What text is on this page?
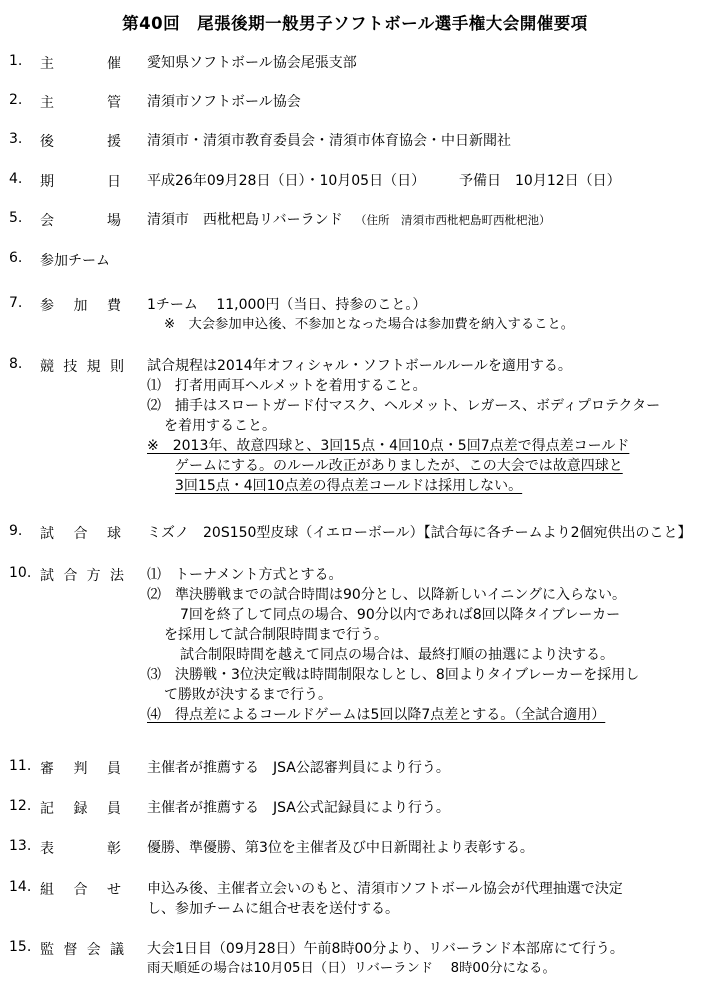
第40回　尾張後期一般男子ソフトボール選手権大会開催要項
1. 主	催 愛知県ソフトボール協会尾張支部
2. 主	管 清須市ソフトボール協会
3. 後	援 清須市・清須市教育委員会・清須市体育協会・中日新聞社
4. 期	日 平成26年09月28日（日）・10月05日（日） 予備日　10月12日（日）
5. 会	場 清須市　西枇杷島リバーランド （住所　清須市西枇杷島町西枇杷池）
6. 参加チーム
7. 参 加 費 1チーム　 11,000円（当日、持参のこと。）
※　大会参加申込後、不参加となった場合は参加費を納入すること。
8. 競 技 規 則 試合規程は2014年オフィシャル・ソフトボールルールを適用する。
⑴　打者用両耳ヘルメットを着用すること。
⑵　捕手はスロートガード付マスク、ヘルメット、レガース、ボディプロテクター
を着用すること。
※　2013年、故意四球と、3回15点・4回10点・5回7点差で得点差コールド
ゲームにする。のルール改正がありましたが、この大会では故意四球と
3回15点・4回10点差の得点差コールドは採用しない。
9. 試 合 球 ミズノ　20S150型皮球（イエローボール）【試合毎に各チームより2個宛供出のこと】
10. 試 合 方 法 ⑴　トーナメント方式とする。
⑵　準決勝戦までの試合時間は90分とし、以降新しいイニングに入らない。
7回を終了して同点の場合、90分以内であれば8回以降タイブレーカー
を採用して試合制限時間まで行う。
試合制限時間を越えて同点の場合は、最終打順の抽選により決する。
⑶　決勝戦・3位決定戦は時間制限なしとし、8回よりタイブレーカーを採用し
て勝敗が決するまで行う。
⑷　得点差によるコールドゲームは5回以降7点差とする。（全試合適用）
11. 審 判 員 主催者が推薦する　JSA公認審判員により行う。
12. 記 録 員 主催者が推薦する　JSA公式記録員により行う。
13. 表	彰 優勝、準優勝、第3位を主催者及び中日新聞社より表彰する。
14. 組 合 せ 申込み後、主催者立会いのもと、清須市ソフトボール協会が代理抽選で決定
し、参加チームに組合せ表を送付する。
15. 監 督 会 議 大会1日目（09月28日）午前8時00分より、リバーランド本部席にて行う。
雨天順延の場合は10月05日（日）リバーランド　 8時00分になる。
